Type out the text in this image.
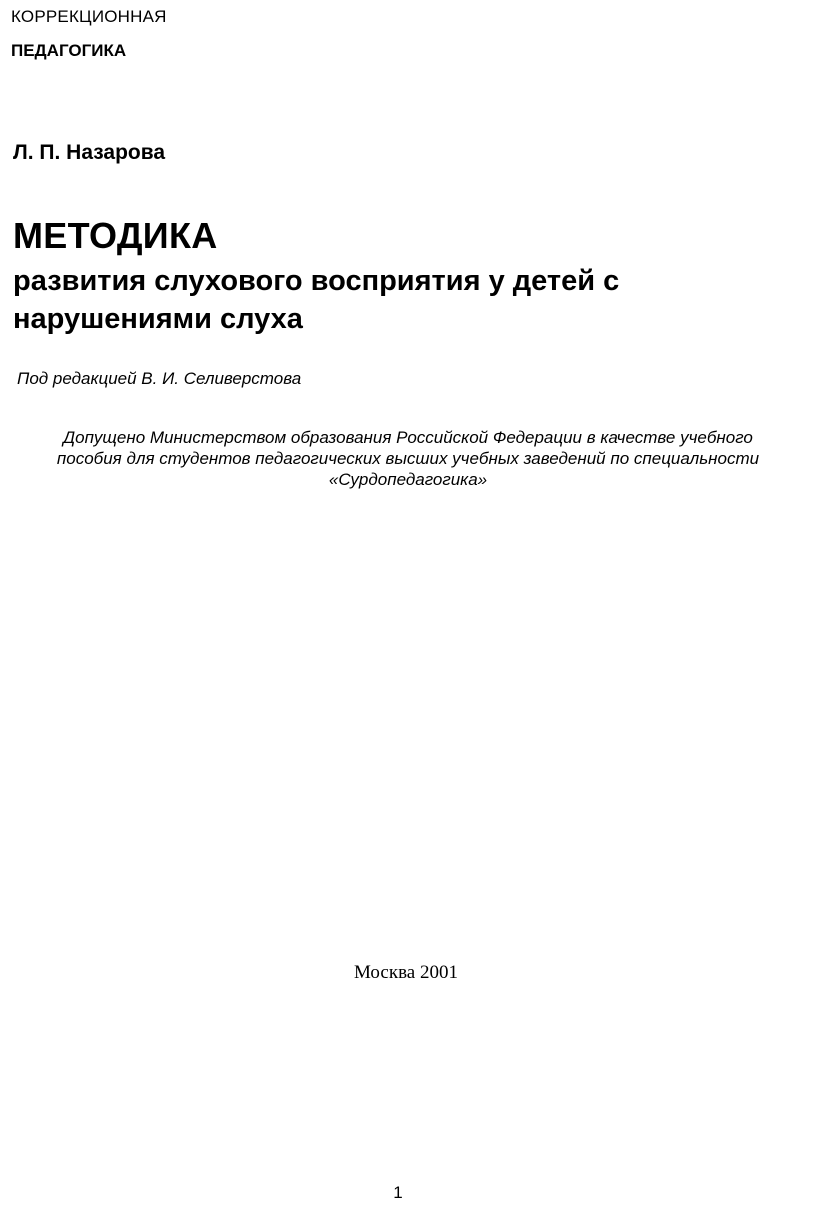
КОРРЕКЦИОННАЯ
ПЕДАГОГИКА
Л. П. Назарова
МЕТОДИКА
развития слухового восприятия у детей с нарушениями слуха
Под редакцией В. И. Селиверстова
Допущено Министерством образования Российской Федерации в качестве учебного
пособия для студентов педагогических высших учебных заведений по специальности
«Сурдопедагогика»
Москва 2001
1
